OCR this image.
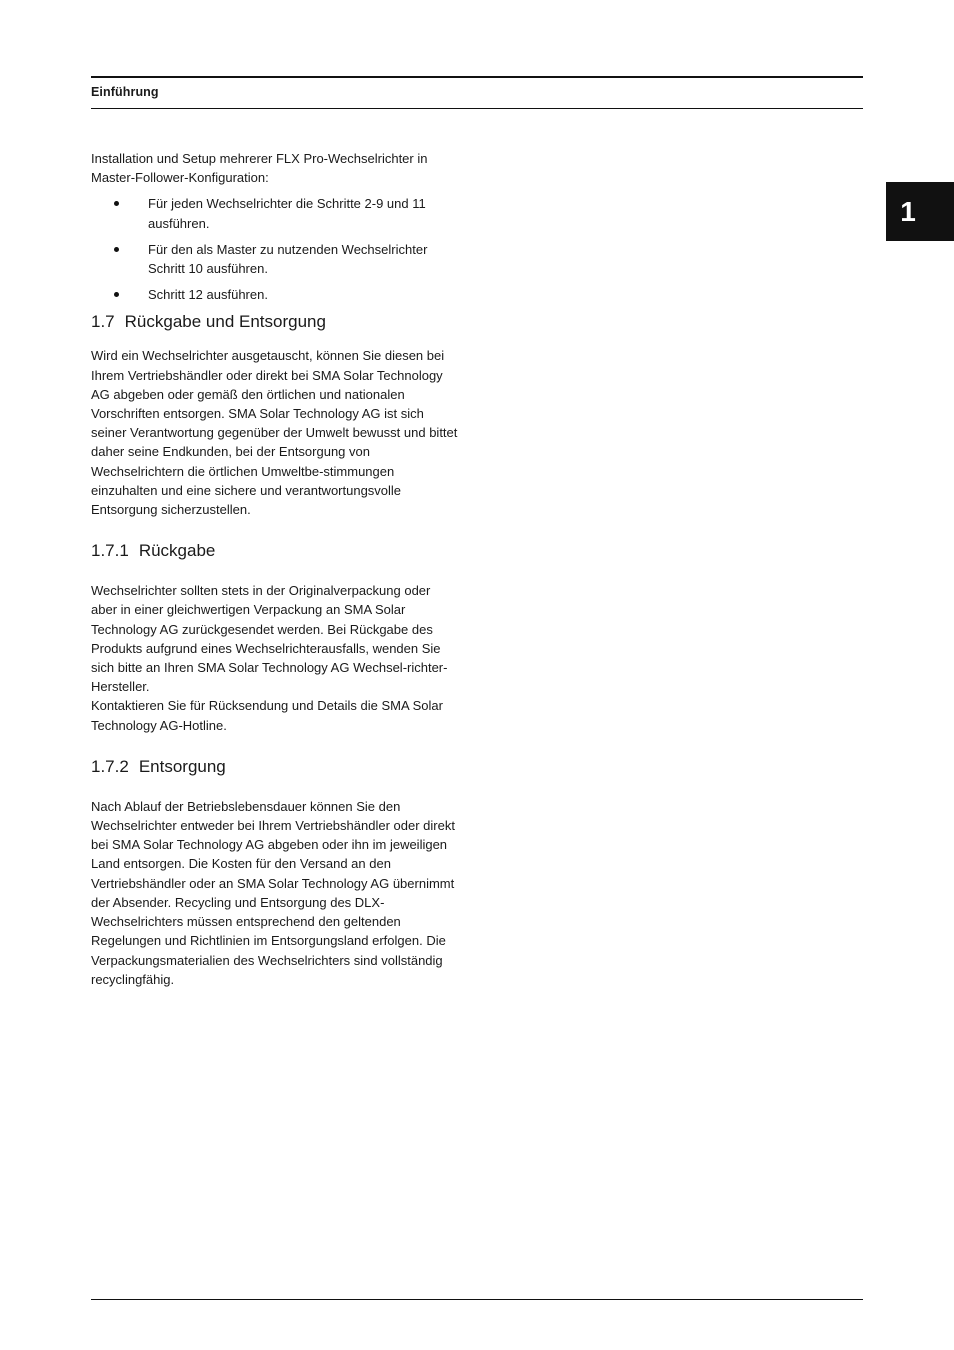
Einführung
1

Installation und Setup mehrerer FLX Pro-Wechselrichter in Master-Follower-Konfiguration:

Für jeden Wechselrichter die Schritte 2-9 und 11 ausführen.
Für den als Master zu nutzenden Wechselrichter Schritt 10 ausführen.
Schritt 12 ausführen.
1.7 Rückgabe und Entsorgung

Wird ein Wechselrichter ausgetauscht, können Sie diesen bei Ihrem Vertriebshändler oder direkt bei SMA Solar Technology AG abgeben oder gemäß den örtlichen und nationalen Vorschriften entsorgen. SMA Solar Technology AG ist sich seiner Verantwortung gegenüber der Umwelt bewusst und bittet daher seine Endkunden, bei der Entsorgung von Wechselrichtern die örtlichen Umweltbe-stimmungen einzuhalten und eine sichere und verantwortungsvolle Entsorgung sicherzustellen.

1.7.1 Rückgabe

Wechselrichter sollten stets in der Originalverpackung oder aber in einer gleichwertigen Verpackung an SMA Solar Technology AG zurückgesendet werden. Bei Rückgabe des Produkts aufgrund eines Wechselrichterausfalls, wenden Sie sich bitte an Ihren SMA Solar Technology AG Wechsel-richter-Hersteller.

Kontaktieren Sie für Rücksendung und Details die SMA Solar Technology AG-Hotline.

1.7.2 Entsorgung

Nach Ablauf der Betriebslebensdauer können Sie den Wechselrichter entweder bei Ihrem Vertriebshändler oder direkt bei SMA Solar Technology AG abgeben oder ihn im jeweiligen Land entsorgen. Die Kosten für den Versand an den Vertriebshändler oder an SMA Solar Technology AG übernimmt der Absender. Recycling und Entsorgung des DLX-Wechselrichters müssen entsprechend den geltenden Regelungen und Richtlinien im Entsorgungsland erfolgen. Die Verpackungsmaterialien des Wechselrichters sind vollständig recyclingfähig.
